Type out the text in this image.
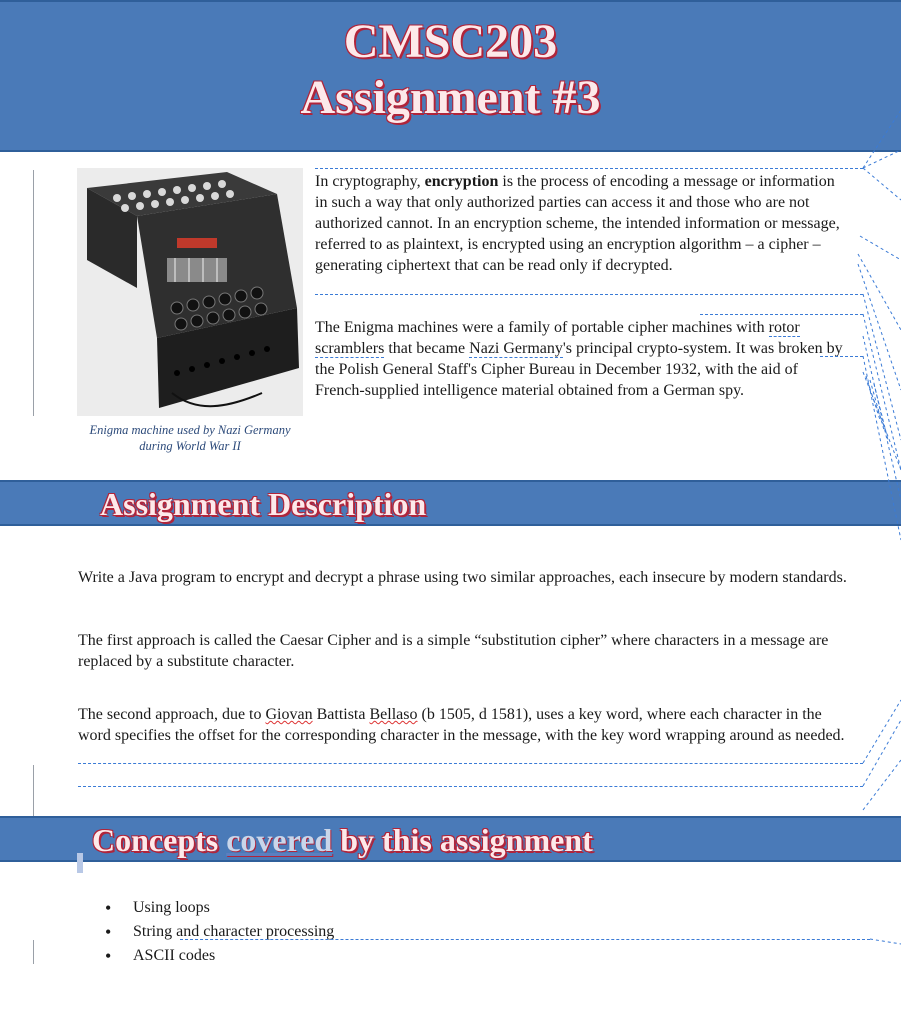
CMSC203
Assignment #3
Enigma machine used by Nazi Germany
during World War II

In cryptography, encryption is the process of encoding a message or information in such a way that only authorized parties can access it and those who are not authorized cannot. In an encryption scheme, the intended information or message, referred to as plaintext, is encrypted using an encryption algorithm – a cipher – generating ciphertext that can be read only if decrypted.

The Enigma machines were a family of portable cipher machines with rotor scramblers that became Nazi Germany's principal crypto-system. It was broken by the Polish General Staff's Cipher Bureau in December 1932, with the aid of French-supplied intelligence material obtained from a German spy.

Assignment Description

Write a Java program to encrypt and decrypt a phrase using two similar approaches, each insecure by modern standards.

The first approach is called the Caesar Cipher and is a simple “substitution cipher” where characters in a message are replaced by a substitute character.

The second approach, due to Giovan Battista Bellaso (b 1505, d 1581), uses a key word, where each character in the word specifies the offset for the corresponding character in the message, with the key word wrapping around as needed.

Concepts covered by this assignment
• Using loops
• String and character processing
• ASCII codes
